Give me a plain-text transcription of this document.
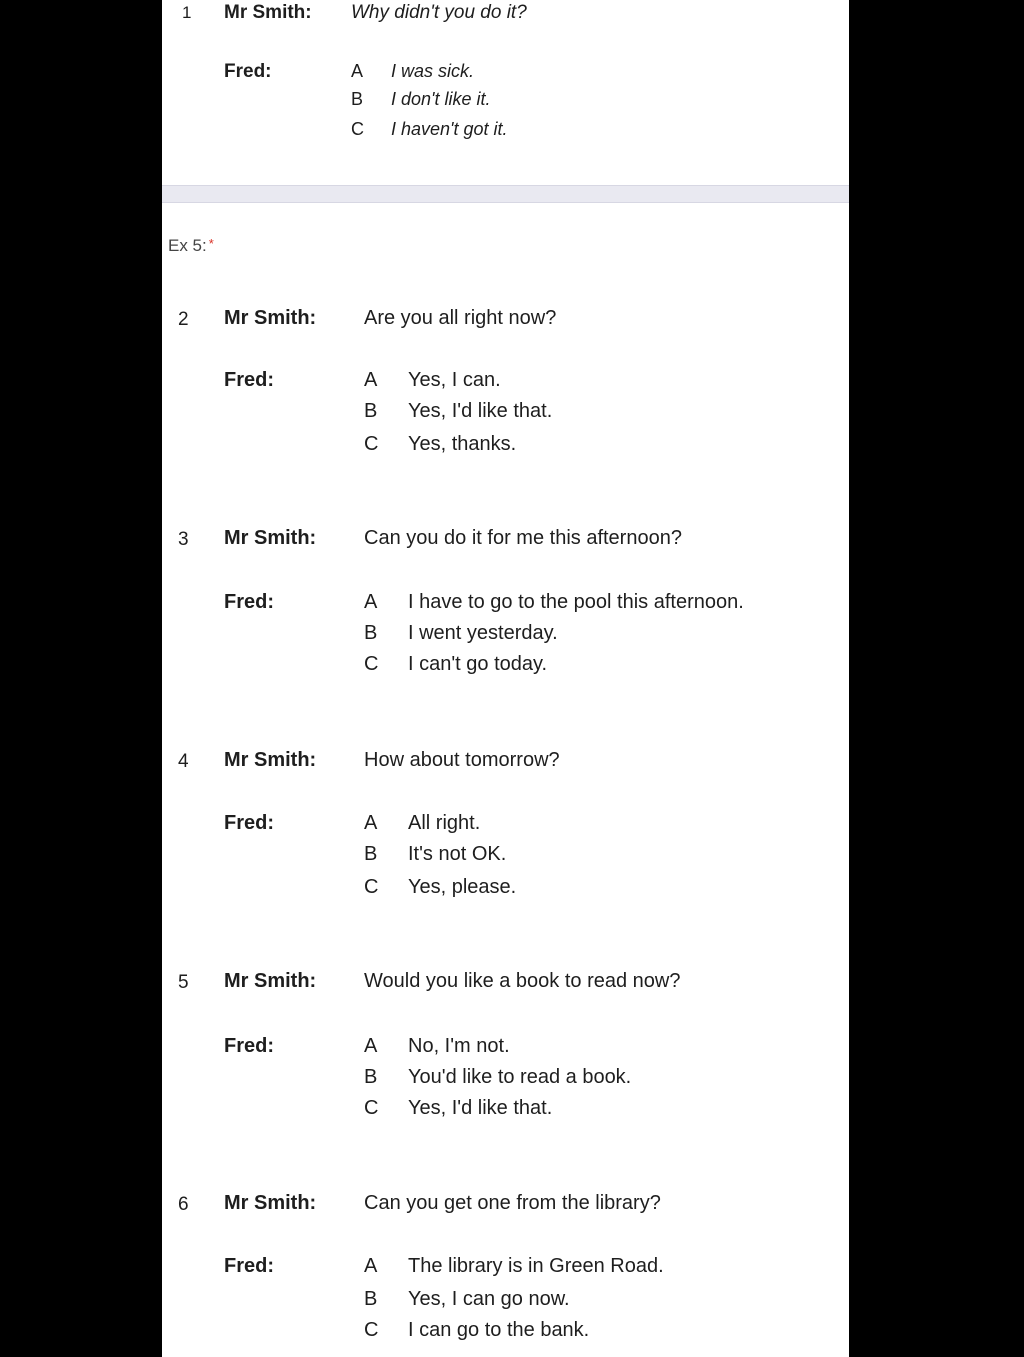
1 Mr Smith: Why didn't you do it?
Fred:	A I was sick.
B I don't like it.
C I haven't got it.
Ex 5: *
2 Mr Smith: Are you all right now?
Fred:	A Yes, I can.
B Yes, I'd like that.
C Yes, thanks.
3 Mr Smith: Can you do it for me this afternoon?
Fred:	A I have to go to the pool this afternoon.
B I went yesterday.
C I can't go today.
4 Mr Smith: How about tomorrow?
Fred:	A All right.
B It's not OK.
C Yes, please.
5 Mr Smith: Would you like a book to read now?
Fred:	A No, I'm not.
B You'd like to read a book.
C Yes, I'd like that.
6 Mr Smith: Can you get one from the library?
Fred:	A The library is in Green Road.
B Yes, I can go now.
C I can go to the bank.
